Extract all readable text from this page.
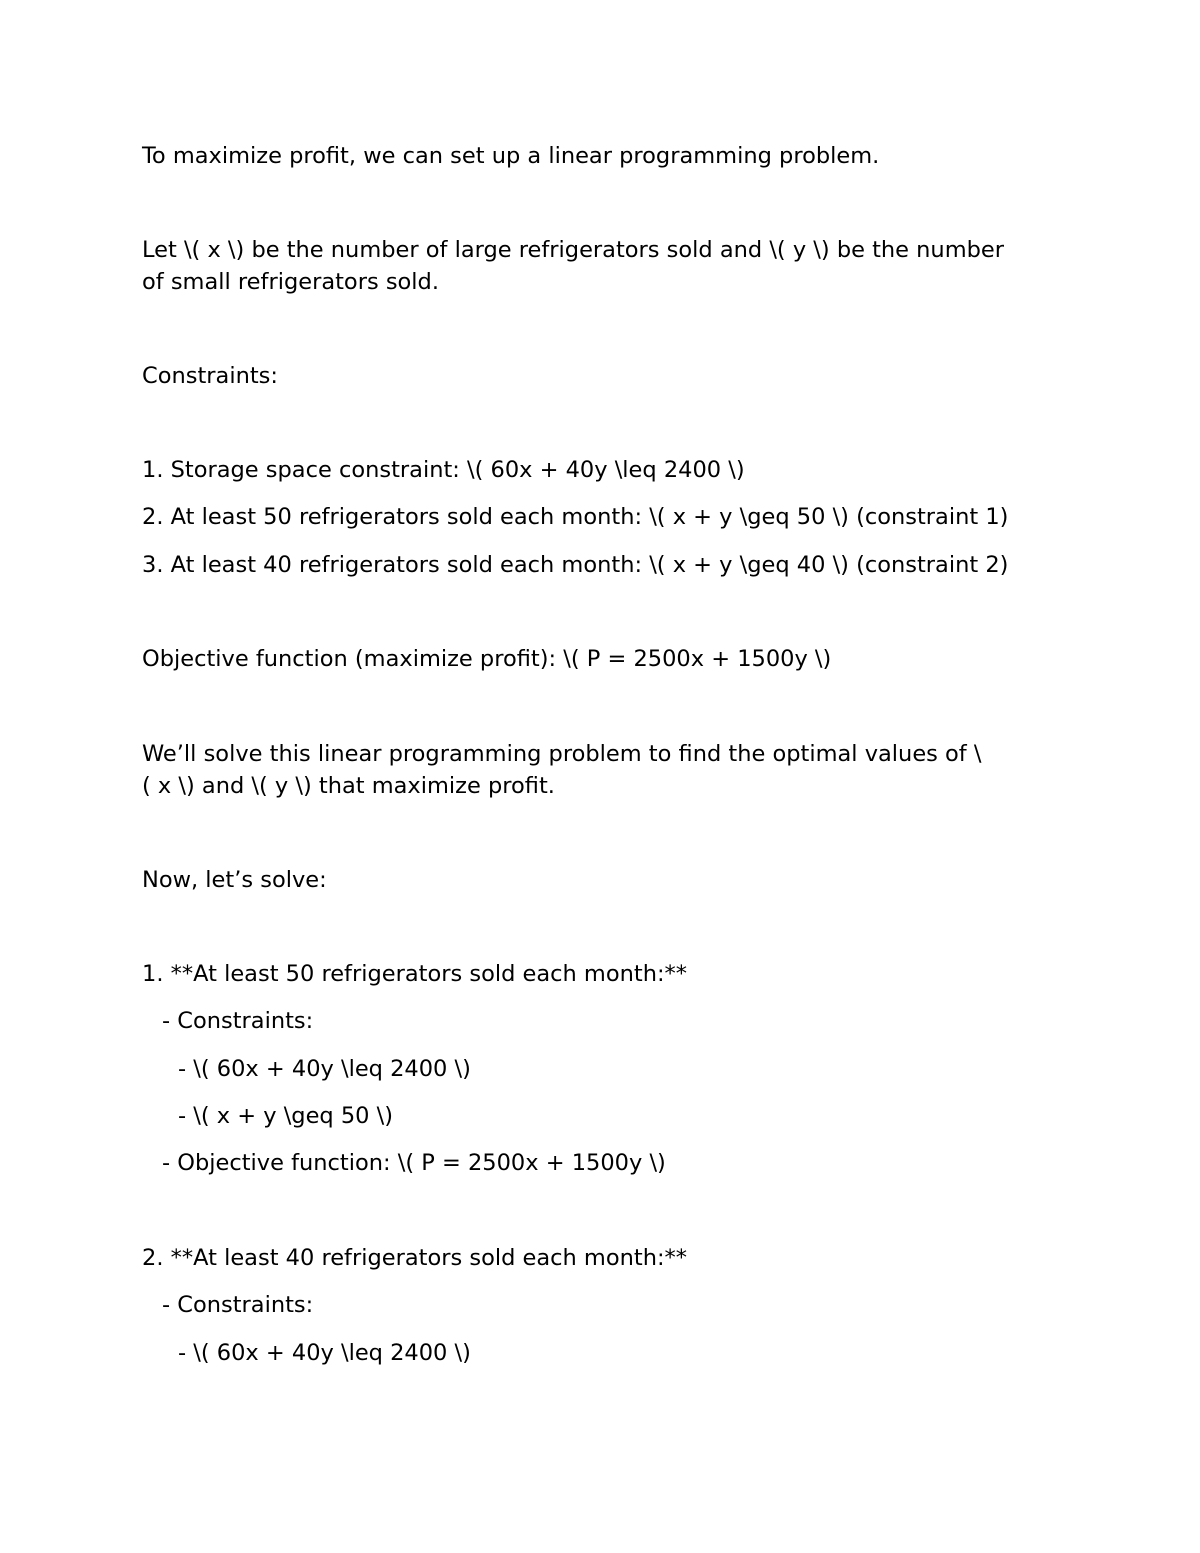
To maximize profit, we can set up a linear programming problem.

Let \( x \) be the number of large refrigerators sold and \( y \) be the number

of small refrigerators sold.

Constraints:

1. Storage space constraint: \( 60x + 40y \leq 2400 \)

2. At least 50 refrigerators sold each month: \( x + y \geq 50 \) (constraint 1)

3. At least 40 refrigerators sold each month: \( x + y \geq 40 \) (constraint 2)

Objective function (maximize profit): \( P = 2500x + 1500y \)

We’ll solve this linear programming problem to find the optimal values of \

( x \) and \( y \) that maximize profit.

Now, let’s solve:

1. **At least 50 refrigerators sold each month:**

- Constraints:

- \( 60x + 40y \leq 2400 \)

- \( x + y \geq 50 \)

- Objective function: \( P = 2500x + 1500y \)

2. **At least 40 refrigerators sold each month:**

- Constraints:

- \( 60x + 40y \leq 2400 \)
